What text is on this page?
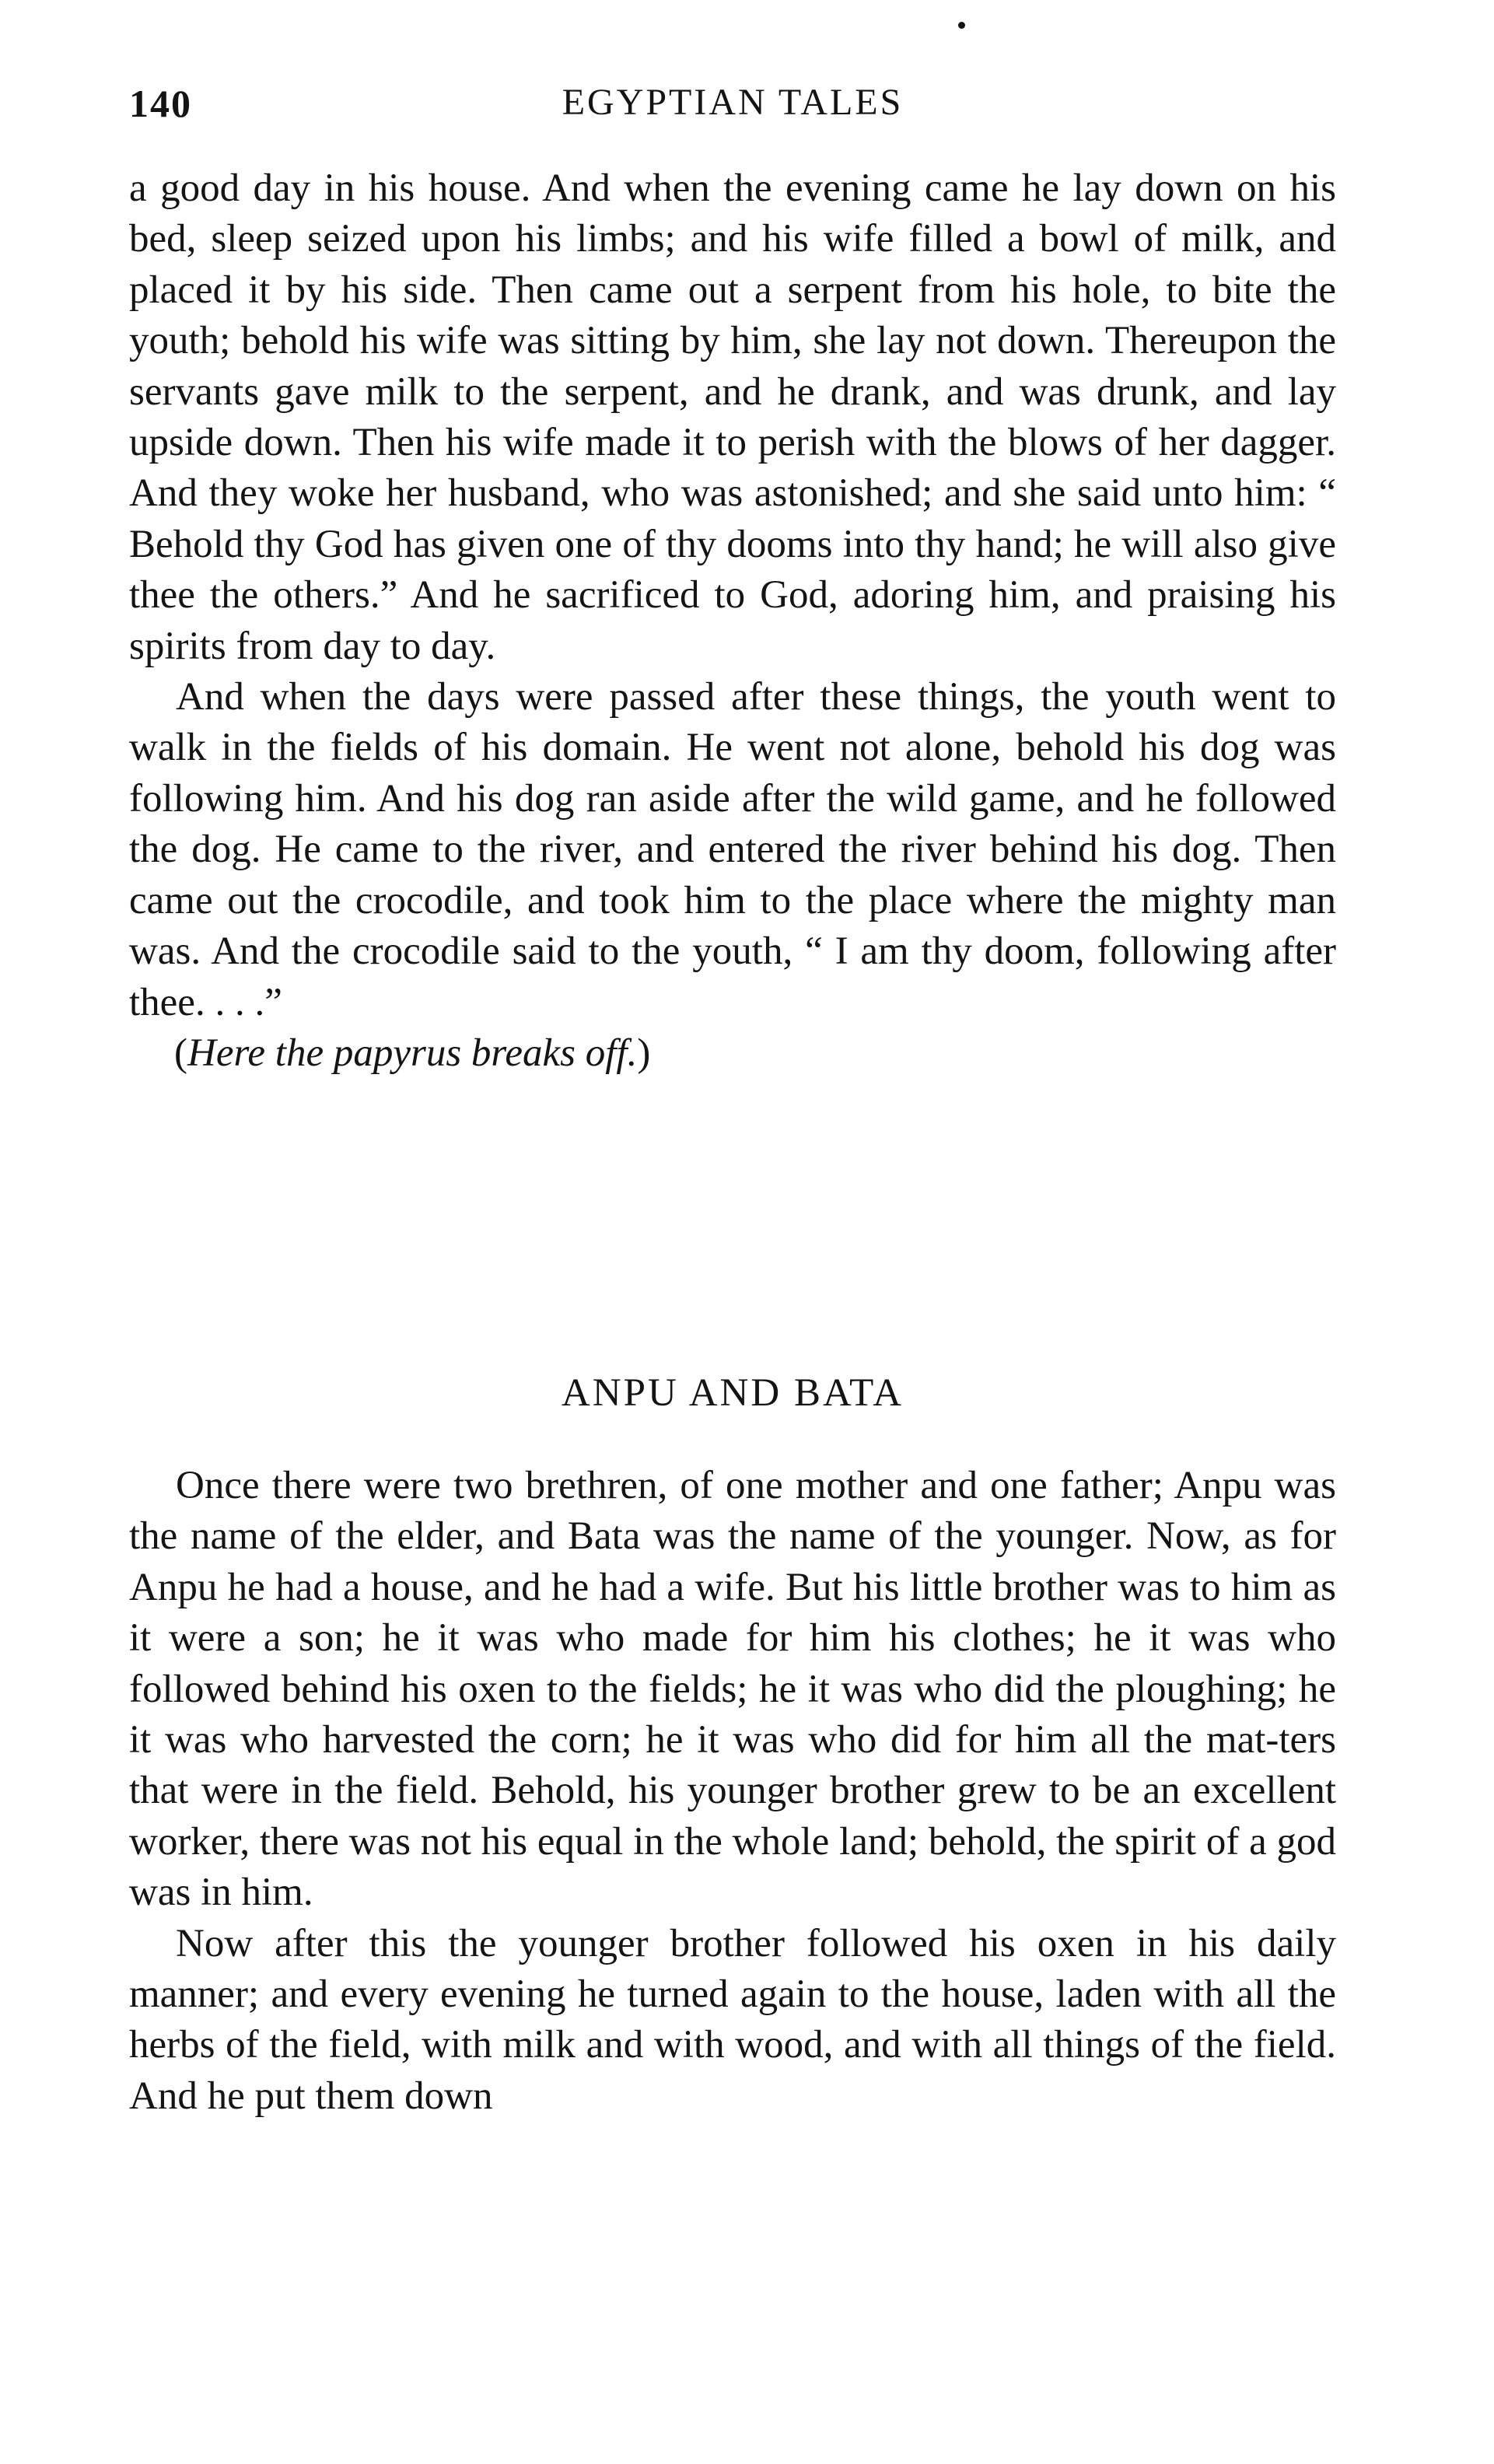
140	EGYPTIAN TALES

a good day in his house. And when the evening came he lay down on his bed, sleep seized upon his limbs; and his wife filled a bowl of milk, and placed it by his side. Then came out a serpent from his hole, to bite the youth; behold his wife was sitting by him, she lay not down. Thereupon the servants gave milk to the serpent, and he drank, and was drunk, and lay upside down. Then his wife made it to perish with the blows of her dagger. And they woke her husband, who was astonished; and she said unto him: “ Behold thy God has given one of thy dooms into thy hand; he will also give thee the others.” And he sacrificed to God, adoring him, and praising his spirits from day to day.

And when the days were passed after these things, the youth went to walk in the fields of his domain. He went not alone, behold his dog was following him. And his dog ran aside after the wild game, and he followed the dog. He came to the river, and entered the river behind his dog. Then came out the crocodile, and took him to the place where the mighty man was. And the crocodile said to the youth, “ I am thy doom, following after thee. . . .”

(Here the papyrus breaks off.)

ANPU AND BATA

Once there were two brethren, of one mother and one father; Anpu was the name of the elder, and Bata was the name of the younger. Now, as for Anpu he had a house, and he had a wife. But his little brother was to him as it were a son; he it was who made for him his clothes; he it was who followed behind his oxen to the fields; he it was who did the ploughing; he it was who harvested the corn; he it was who did for him all the mat-ters that were in the field. Behold, his younger brother grew to be an excellent worker, there was not his equal in the whole land; behold, the spirit of a god was in him.

Now after this the younger brother followed his oxen in his daily manner; and every evening he turned again to the house, laden with all the herbs of the field, with milk and with wood, and with all things of the field. And he put them down
